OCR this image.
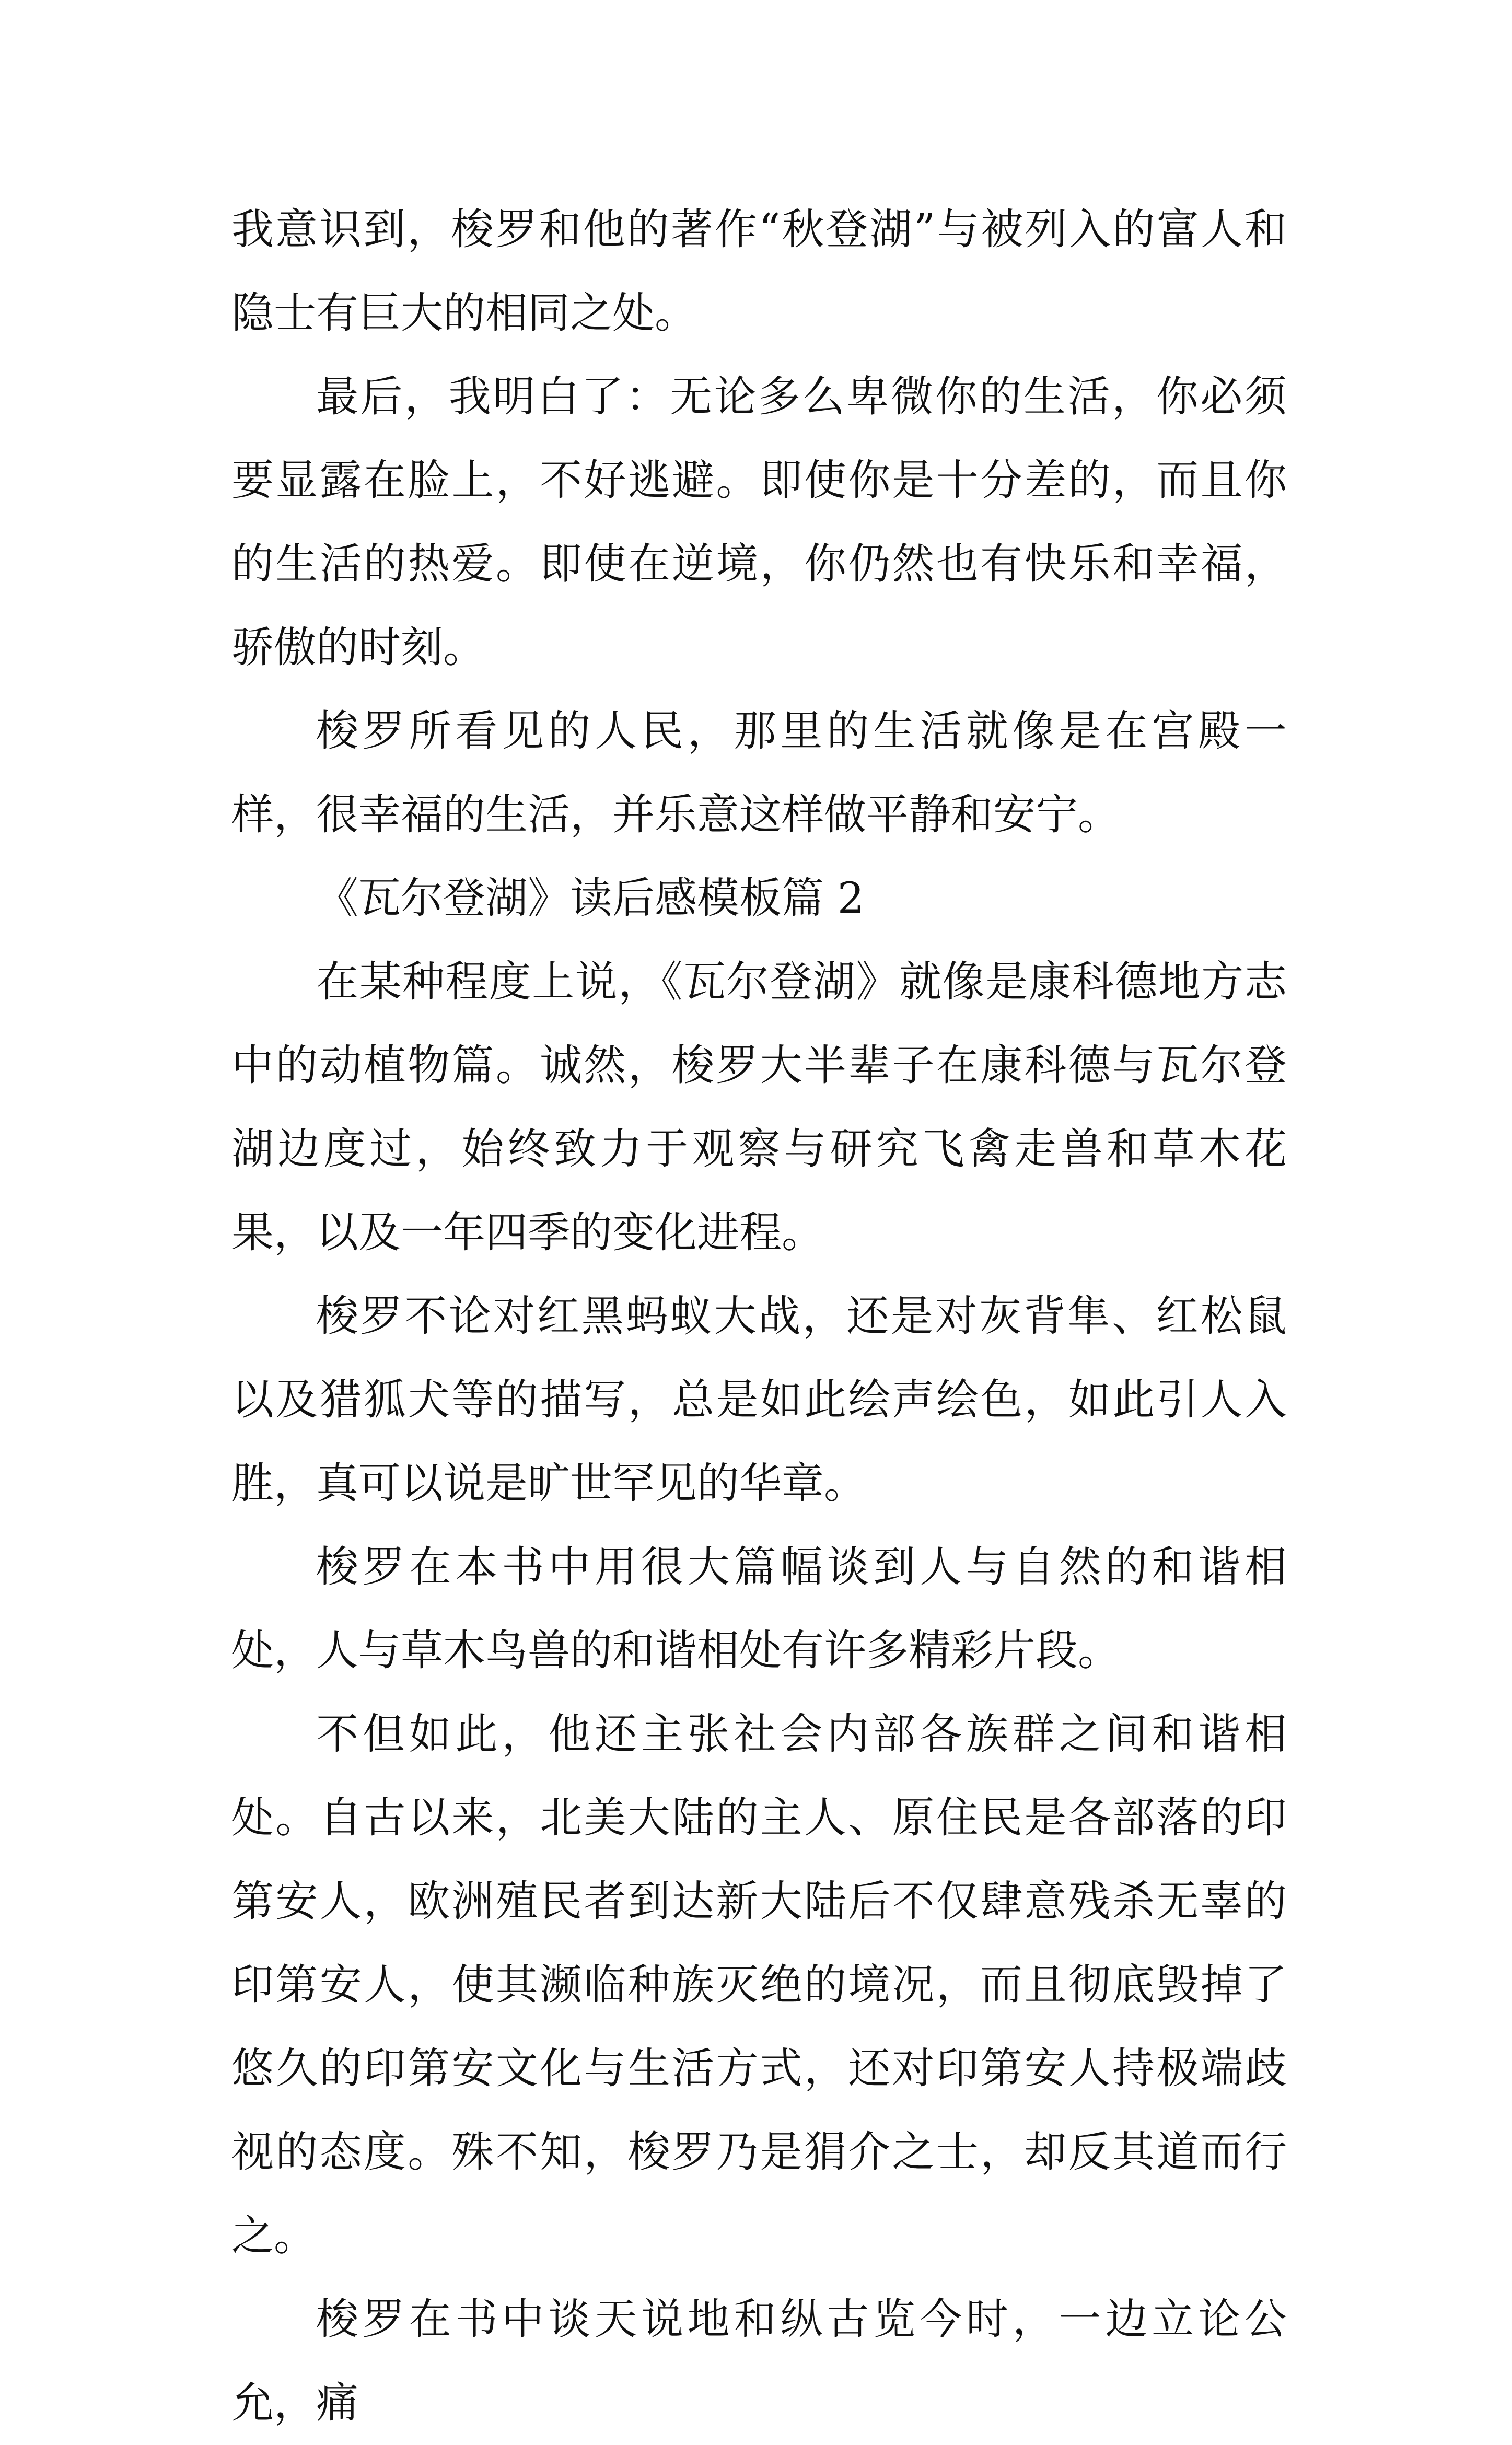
我意识到，梭罗和他的著作“秋登湖”与被列入的富人和隐士有巨大的相同之处。

最后，我明白了：无论多么卑微你的生活，你必须要显露在脸上，不好逃避。即使你是十分差的，而且你的生活的热爱。即使在逆境，你仍然也有快乐和幸福，骄傲的时刻。

梭罗所看见的人民，那里的生活就像是在宫殿一样，很幸福的生活，并乐意这样做平静和安宁。

《瓦尔登湖》读后感模板篇 2

在某种程度上说，《瓦尔登湖》就像是康科德地方志中的动植物篇。诚然，梭罗大半辈子在康科德与瓦尔登湖边度过，始终致力于观察与研究飞禽走兽和草木花果，以及一年四季的变化进程。

梭罗不论对红黑蚂蚁大战，还是对灰背隼、红松鼠以及猎狐犬等的描写，总是如此绘声绘色，如此引人入胜，真可以说是旷世罕见的华章。

梭罗在本书中用很大篇幅谈到人与自然的和谐相处，人与草木鸟兽的和谐相处有许多精彩片段。

不但如此，他还主张社会内部各族群之间和谐相处。自古以来，北美大陆的主人、原住民是各部落的印第安人，欧洲殖民者到达新大陆后不仅肆意残杀无辜的印第安人，使其濒临种族灭绝的境况，而且彻底毁掉了悠久的印第安文化与生活方式，还对印第安人持极端歧视的态度。殊不知，梭罗乃是狷介之士，却反其道而行之。

梭罗在书中谈天说地和纵古览今时，一边立论公允，痛
